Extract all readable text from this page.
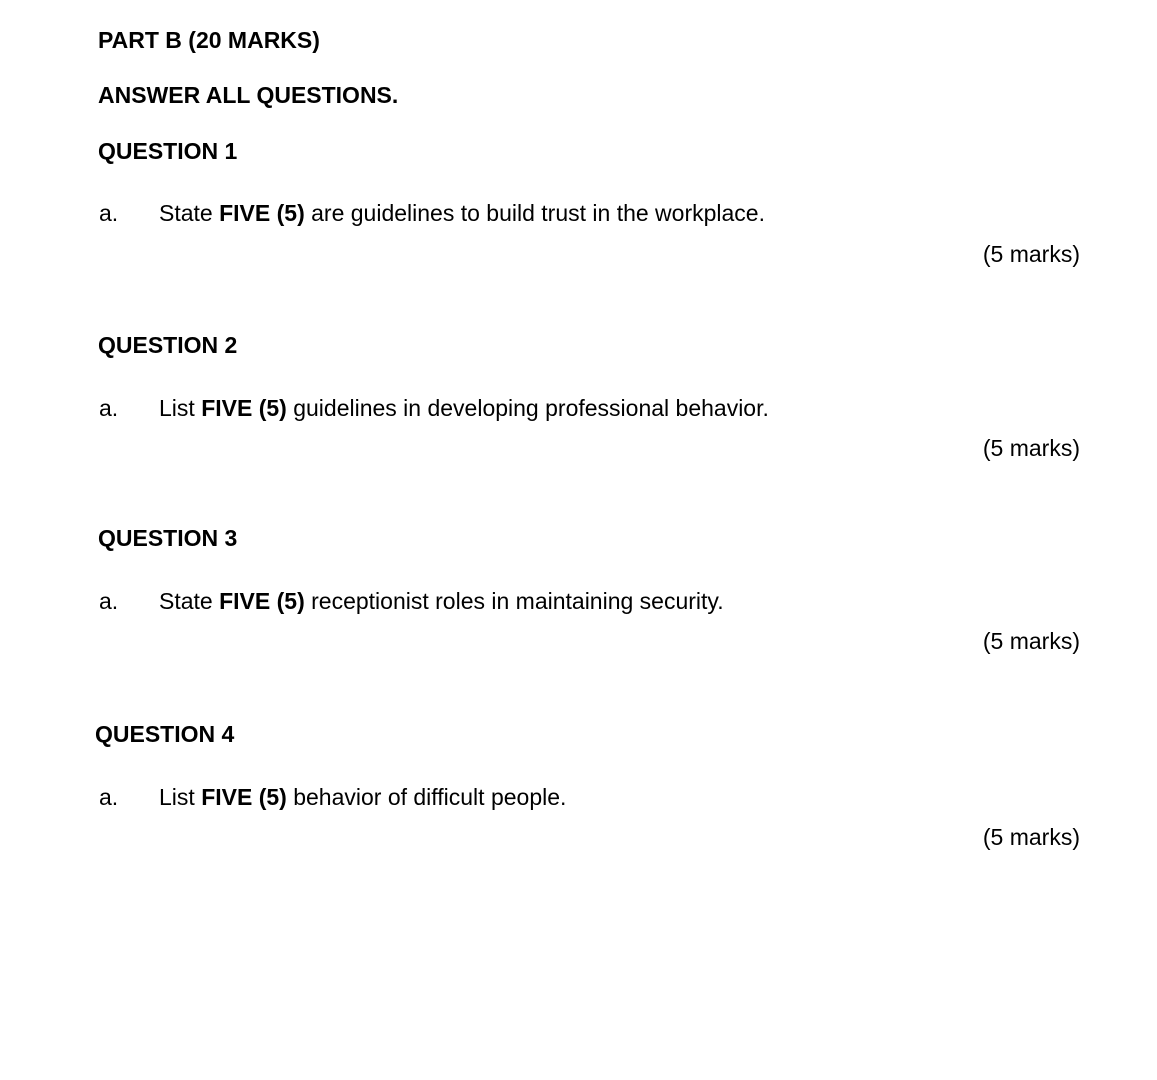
PART B (20 MARKS)
ANSWER ALL QUESTIONS.
QUESTION 1
a. State FIVE (5) are guidelines to build trust in the workplace.
(5 marks)
QUESTION 2
a. List FIVE (5) guidelines in developing professional behavior.
(5 marks)
QUESTION 3
a. State FIVE (5) receptionist roles in maintaining security.
(5 marks)
QUESTION 4
a. List FIVE (5) behavior of difficult people.
(5 marks)
